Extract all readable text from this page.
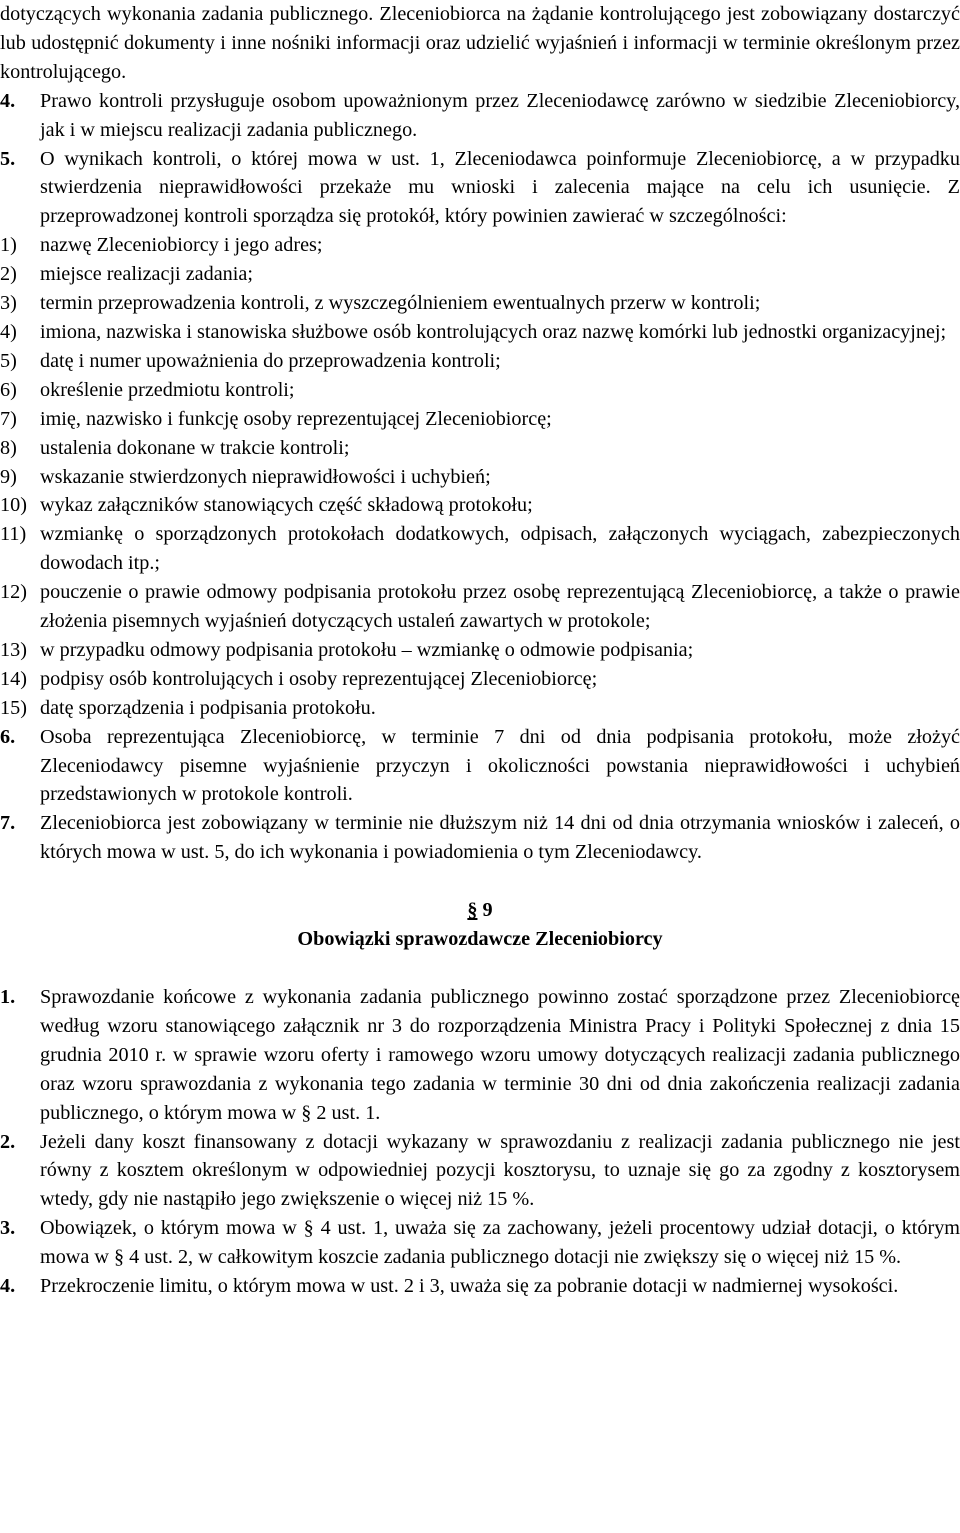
dotyczących wykonania zadania publicznego. Zleceniobiorca na żądanie kontrolującego jest zobowiązany dostarczyć lub udostępnić dokumenty i inne nośniki informacji oraz udzielić wyjaśnień i informacji w terminie określonym przez kontrolującego.

4.	Prawo kontroli przysługuje osobom upoważnionym przez Zleceniodawcę zarówno w siedzibie Zleceniobiorcy, jak i w miejscu realizacji zadania publicznego.

5.	O wynikach kontroli, o której mowa w ust. 1, Zleceniodawca poinformuje Zleceniobiorcę, a w przypadku stwierdzenia nieprawidłowości przekaże mu wnioski i zalecenia mające na celu ich usunięcie. Z przeprowadzonej kontroli sporządza się protokół, który powinien zawierać w szczególności:

1)	nazwę Zleceniobiorcy i jego adres;
2)	miejsce realizacji zadania;
3)	termin przeprowadzenia kontroli, z wyszczególnieniem ewentualnych przerw w kontroli;
4)	imiona, nazwiska i stanowiska służbowe osób kontrolujących oraz nazwę komórki lub jednostki organizacyjnej;
5)	datę i numer upoważnienia do przeprowadzenia kontroli;
6)	określenie przedmiotu kontroli;
7)	imię, nazwisko i funkcję osoby reprezentującej Zleceniobiorcę;
8)	ustalenia dokonane w trakcie kontroli;
9)	wskazanie stwierdzonych nieprawidłowości i uchybień;
10) wykaz załączników stanowiących część składową protokołu;
11) wzmiankę o sporządzonych protokołach dodatkowych, odpisach, załączonych wyciągach, zabezpieczonych dowodach itp.;
12) pouczenie o prawie odmowy podpisania protokołu przez osobę reprezentującą Zleceniobiorcę, a także o prawie złożenia pisemnych wyjaśnień dotyczących ustaleń zawartych w protokole;
13) w przypadku odmowy podpisania protokołu – wzmiankę o odmowie podpisania;
14) podpisy osób kontrolujących i osoby reprezentującej Zleceniobiorcę;
15) datę sporządzenia i podpisania protokołu.
6.	Osoba reprezentująca Zleceniobiorcę, w terminie 7 dni od dnia podpisania protokołu, może złożyć Zleceniodawcy pisemne wyjaśnienie przyczyn i okoliczności powstania nieprawidłowości i uchybień przedstawionych w protokole kontroli.

7.	Zleceniobiorca jest zobowiązany w terminie nie dłuższym niż 14 dni od dnia otrzymania wniosków i zaleceń, o których mowa w ust. 5, do ich wykonania i powiadomienia o tym Zleceniodawcy.

§ 9

Obowiązki sprawozdawcze Zleceniobiorcy

1.	Sprawozdanie końcowe z wykonania zadania publicznego powinno zostać sporządzone przez Zleceniobiorcę według wzoru stanowiącego załącznik nr 3 do rozporządzenia Ministra Pracy i Polityki Społecznej z dnia 15 grudnia 2010 r. w sprawie wzoru oferty i ramowego wzoru umowy dotyczących realizacji zadania publicznego oraz wzoru sprawozdania z wykonania tego zadania w terminie 30 dni od dnia zakończenia realizacji zadania publicznego, o którym mowa w § 2 ust. 1.

2.	Jeżeli dany koszt finansowany z dotacji wykazany w sprawozdaniu z realizacji zadania publicznego nie jest równy z kosztem określonym w odpowiedniej pozycji kosztorysu, to uznaje się go za zgodny z kosztorysem wtedy, gdy nie nastąpiło jego zwiększenie o więcej niż 15 %.

3.	Obowiązek, o którym mowa w § 4 ust. 1, uważa się za zachowany, jeżeli procentowy udział dotacji, o którym mowa w § 4 ust. 2, w całkowitym koszcie zadania publicznego dotacji nie zwiększy się o więcej niż 15 %.

4.	Przekroczenie limitu, o którym mowa w ust. 2 i 3, uważa się za pobranie dotacji w nadmiernej wysokości.
